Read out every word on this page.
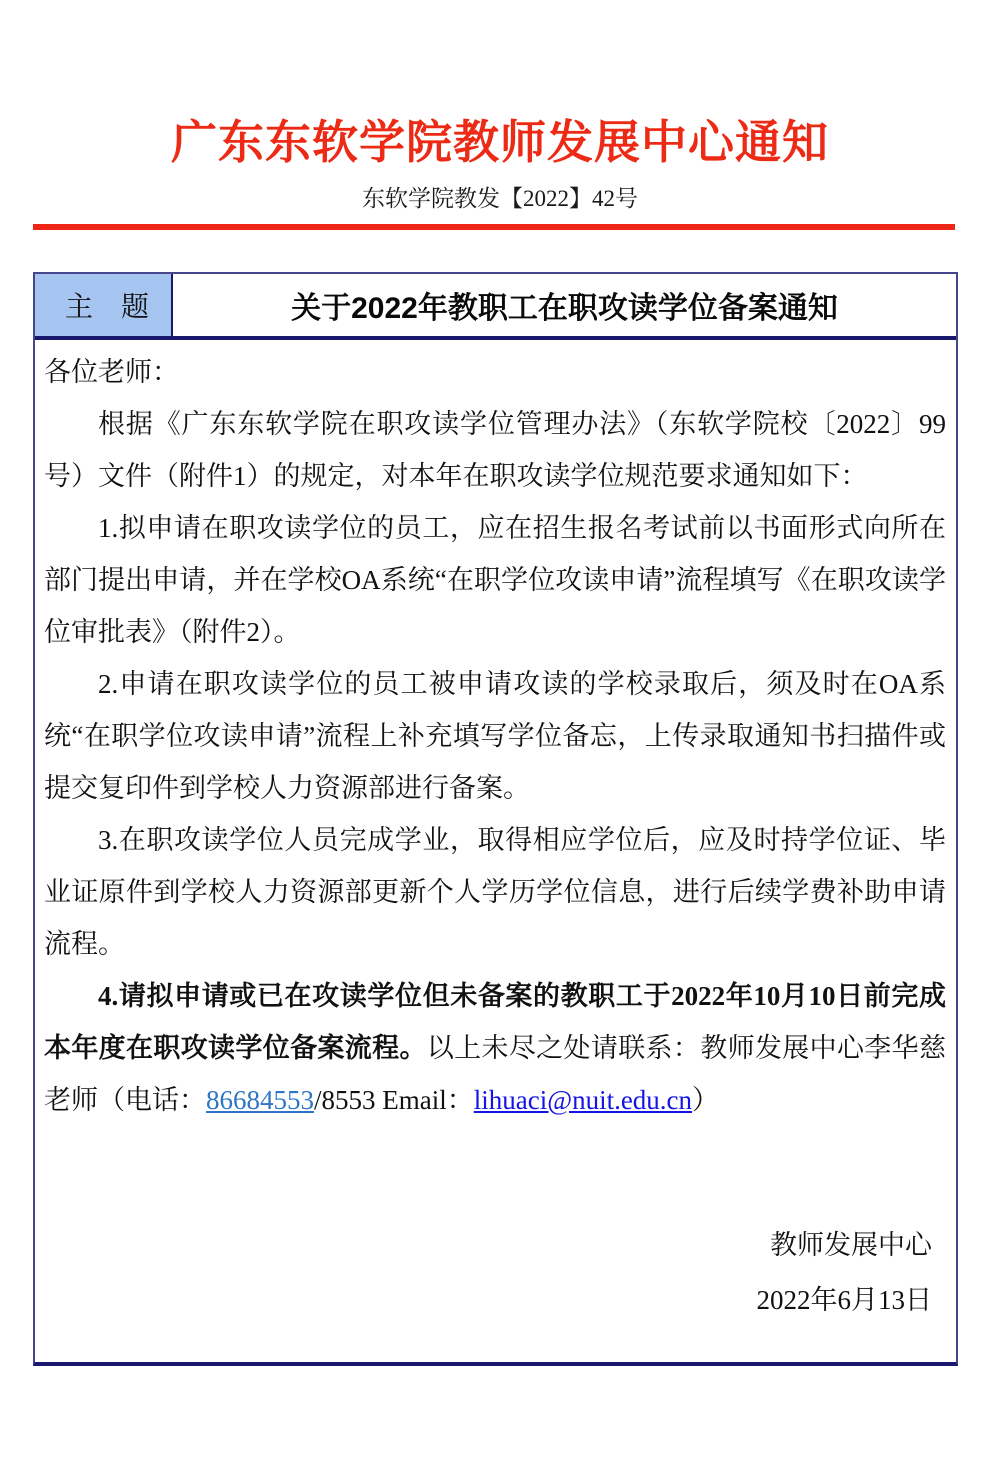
广东东软学院教师发展中心通知
东软学院教发【2022】42号
主　题	关于2022年教职工在职攻读学位备案通知

各位老师：

根据《广东东软学院在职攻读学位管理办法》（东软学院校〔2022〕99号）文件（附件1）的规定，对本年在职攻读学位规范要求通知如下：

1.拟申请在职攻读学位的员工，应在招生报名考试前以书面形式向所在部门提出申请，并在学校OA系统“在职学位攻读申请”流程填写《在职攻读学位审批表》（附件2）。

2.申请在职攻读学位的员工被申请攻读的学校录取后，须及时在OA系统“在职学位攻读申请”流程上补充填写学位备忘，上传录取通知书扫描件或提交复印件到学校人力资源部进行备案。

3.在职攻读学位人员完成学业，取得相应学位后，应及时持学位证、毕业证原件到学校人力资源部更新个人学历学位信息，进行后续学费补助申请流程。

4.请拟申请或已在攻读学位但未备案的教职工于2022年10月10日前完成本年度在职攻读学位备案流程。以上未尽之处请联系：教师发展中心李华慈老师（电话：86684553/8553 Email：lihuaci@nuit.edu.cn）

教师发展中心
2022年6月13日
